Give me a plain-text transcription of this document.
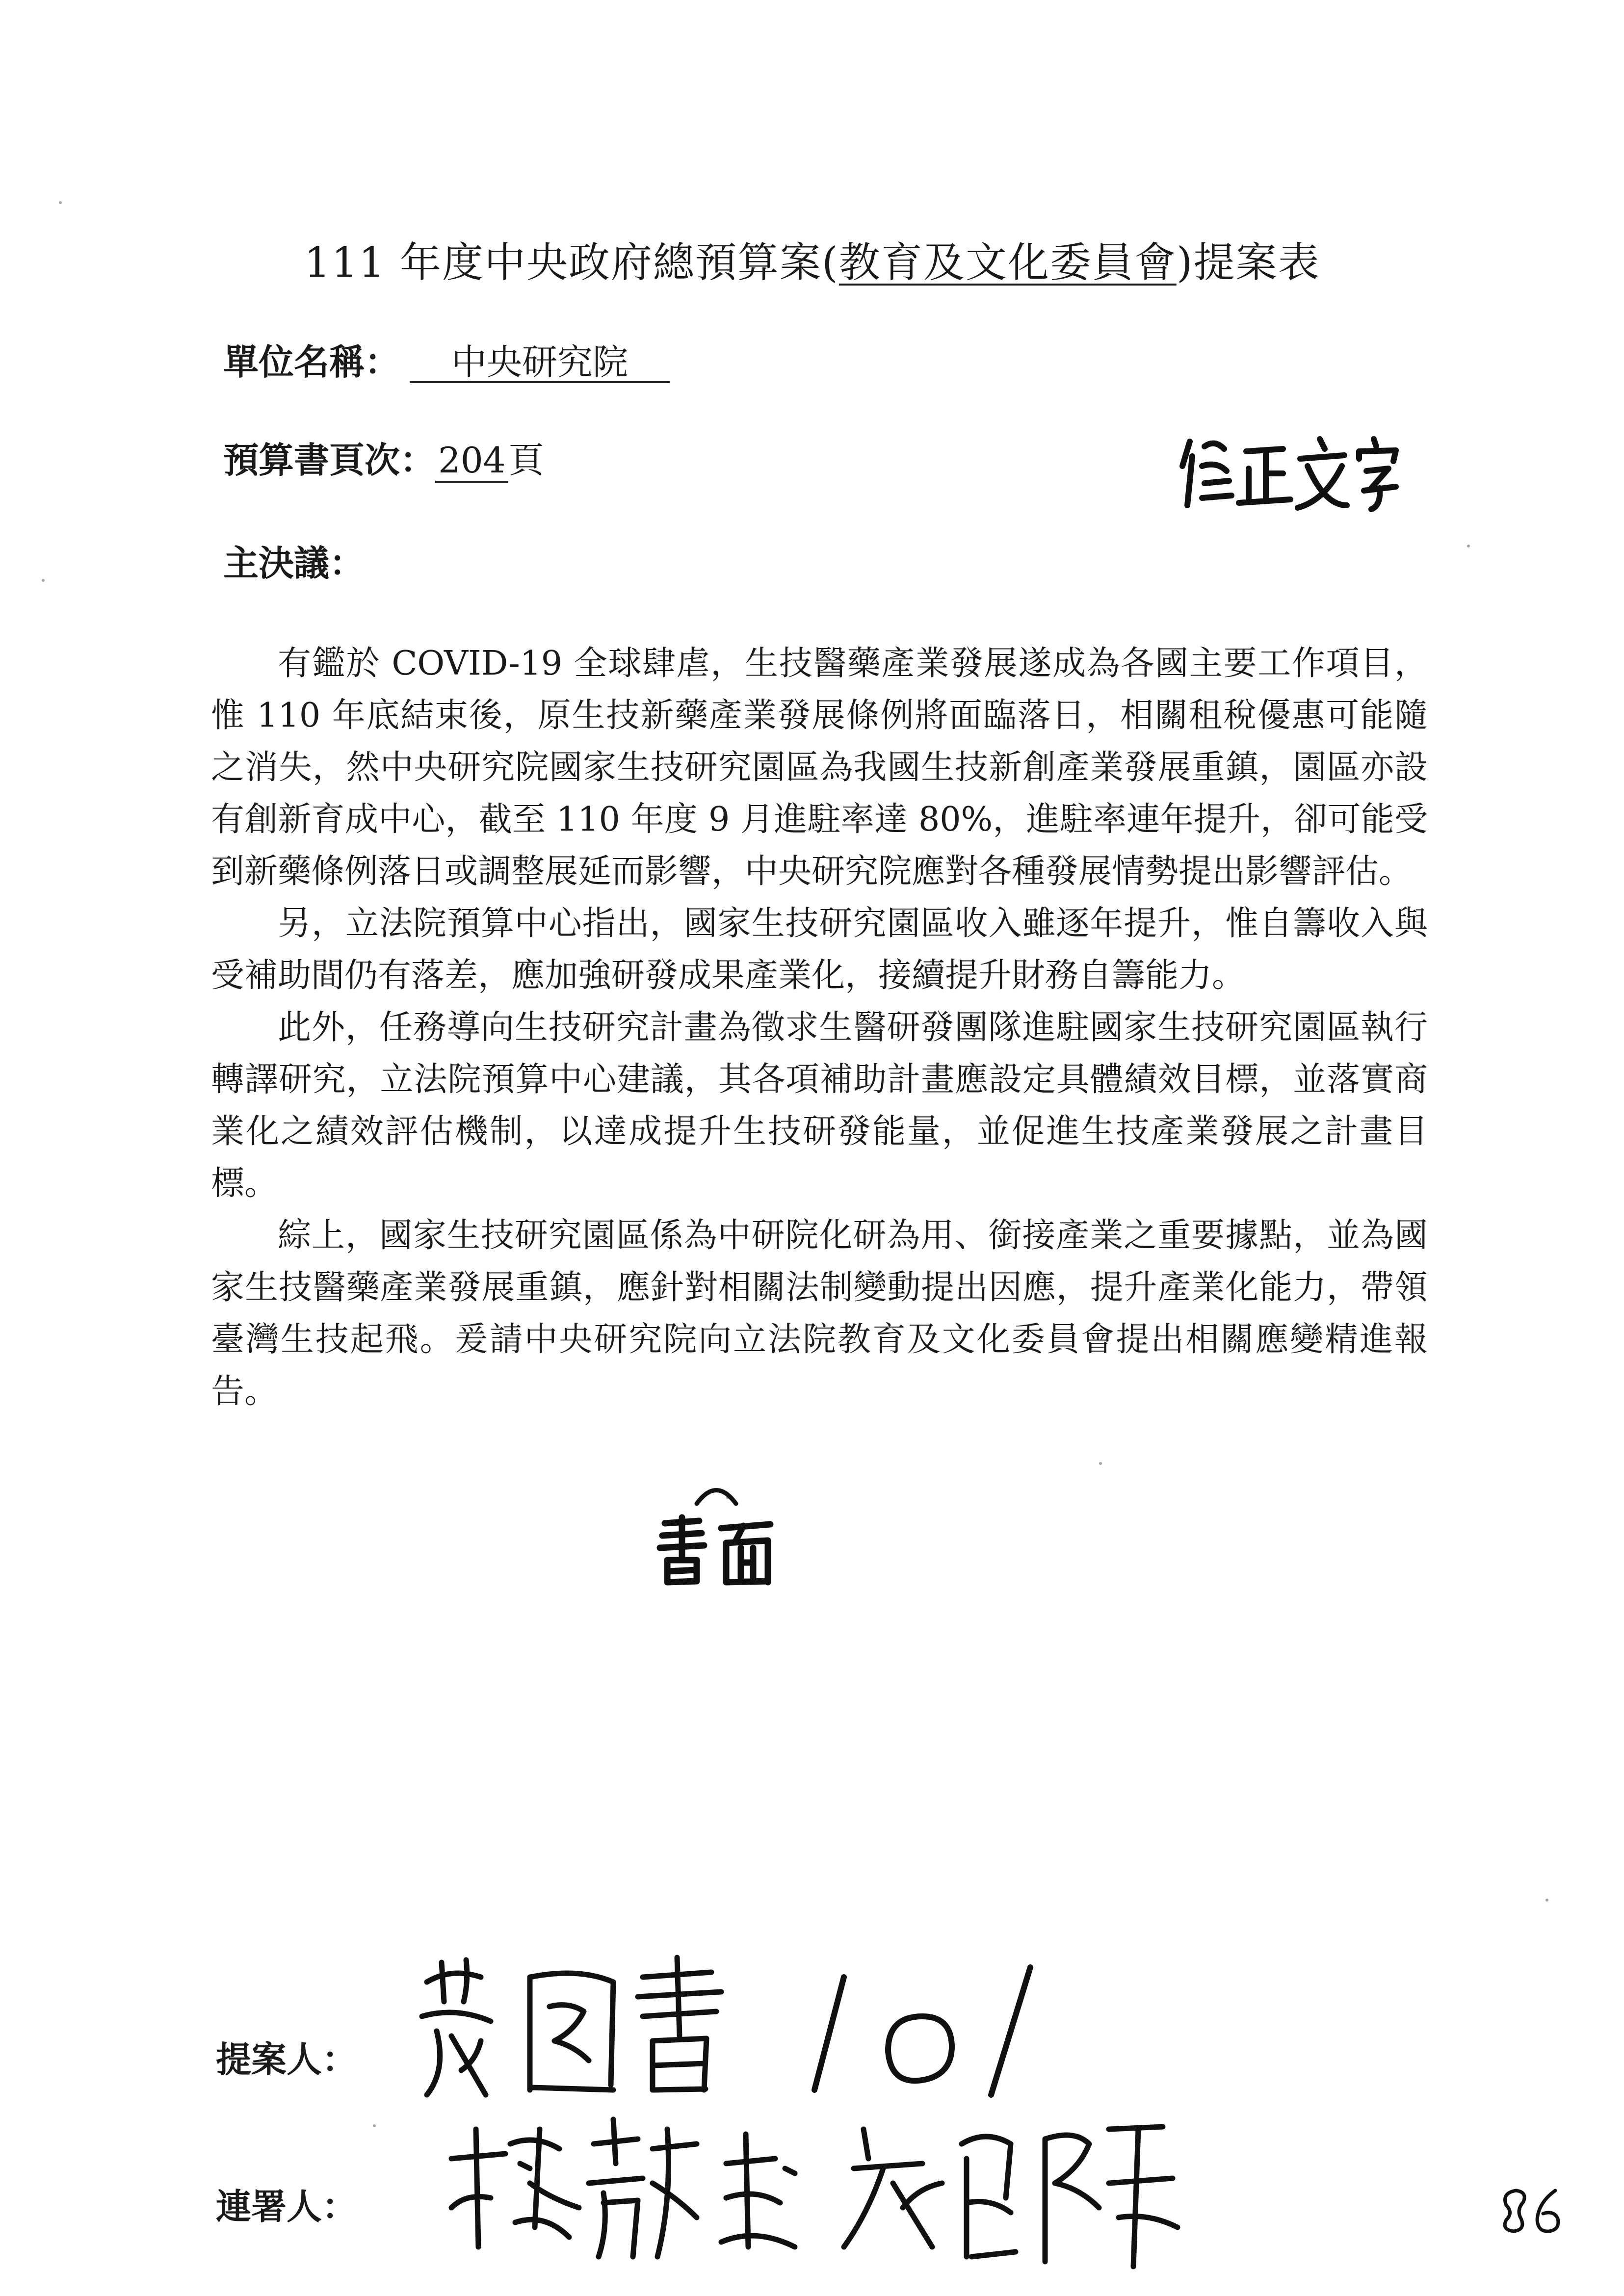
111 年度中央政府總預算案(教育及文化委員會)提案表
單位名稱： 中央研究院
預算書頁次：204頁
主決議：

有鑑於 COVID-19 全球肆虐，生技醫藥產業發展遂成為各國主要工作項目，惟 110 年底結束後，原生技新藥產業發展條例將面臨落日，相關租稅優惠可能隨之消失，然中央研究院國家生技研究園區為我國生技新創產業發展重鎮，園區亦設有創新育成中心，截至 110 年度 9 月進駐率達 80%，進駐率連年提升，卻可能受到新藥條例落日或調整展延而影響，中央研究院應對各種發展情勢提出影響評估。

另，立法院預算中心指出，國家生技研究園區收入雖逐年提升，惟自籌收入與受補助間仍有落差，應加強研發成果產業化，接續提升財務自籌能力。

此外，任務導向生技研究計畫為徵求生醫研發團隊進駐國家生技研究園區執行轉譯研究，立法院預算中心建議，其各項補助計畫應設定具體績效目標，並落實商業化之績效評估機制，以達成提升生技研發能量，並促進生技產業發展之計畫目標。

綜上，國家生技研究園區係為中研院化研為用、銜接產業之重要據點，並為國家生技醫藥產業發展重鎮，應針對相關法制變動提出因應，提升產業化能力，帶領臺灣生技起飛。爰請中央研究院向立法院教育及文化委員會提出相關應變精進報告。

提案人：
連署人：
